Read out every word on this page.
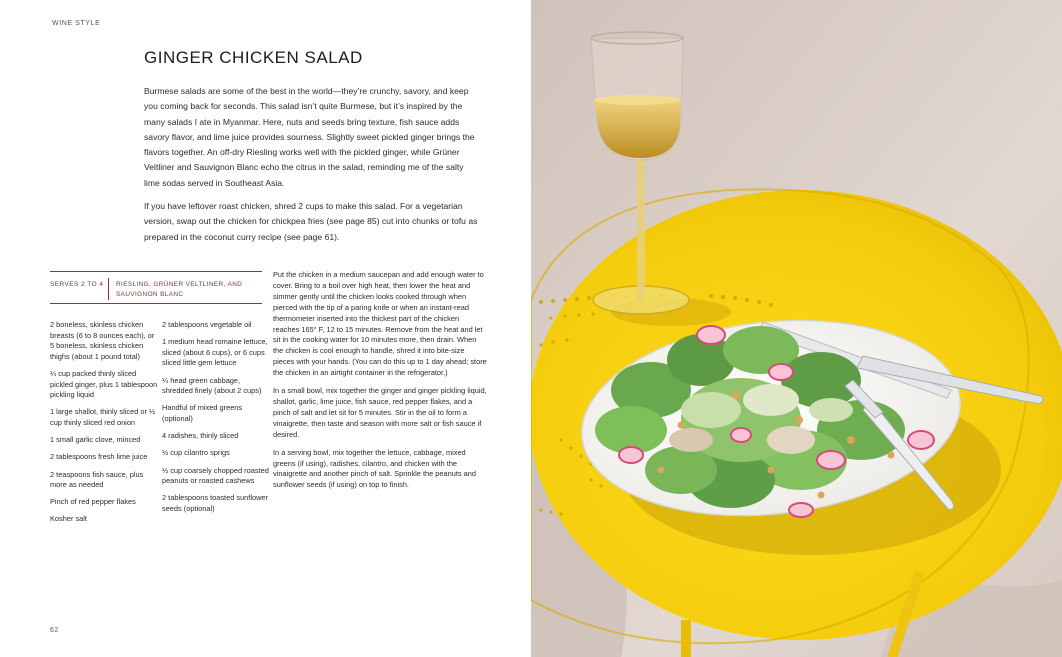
WINE STYLE
GINGER CHICKEN SALAD

Burmese salads are some of the best in the world—they’re crunchy, savory, and keep you coming back for seconds. This salad isn’t quite Burmese, but it’s inspired by the many salads I ate in Myanmar. Here, nuts and seeds bring texture, fish sauce adds savory flavor, and lime juice provides sourness. Slightly sweet pickled ginger brings the flavors together. An off-dry Riesling works well with the pickled ginger, while Grüner Veltliner and Sauvignon Blanc echo the citrus in the salad, reminding me of the salty lime sodas served in Southeast Asia.

If you have leftover roast chicken, shred 2 cups to make this salad. For a vegetarian version, swap out the chicken for chickpea fries (see page 85) cut into chunks or tofu as prepared in the coconut curry recipe (see page 61).

SERVES 2 TO 4 RIESLING, GRÜNER VELTLINER, AND SAUVIGNON BLANC
2 boneless, skinless chicken breasts (6 to 8 ounces each), or 5 boneless, skinless chicken thighs (about 1 pound total)
¼ cup packed thinly sliced pickled ginger, plus 1 tablespoon pickling liquid
1 large shallot, thinly sliced or ½ cup thinly sliced red onion
1 small garlic clove, minced
2 tablespoons fresh lime juice
2 teaspoons fish sauce, plus more as needed
Pinch of red pepper flakes
Kosher salt
2 tablespoons vegetable oil
1 medium head romaine lettuce, sliced (about 6 cups), or 6 cups sliced little gem lettuce
¼ head green cabbage, shredded finely (about 2 cups)
Handful of mixed greens (optional)
4 radishes, thinly sliced
½ cup cilantro sprigs
½ cup coarsely chopped roasted peanuts or roasted cashews
2 tablespoons toasted sunflower seeds (optional)

Put the chicken in a medium saucepan and add enough water to cover. Bring to a boil over high heat, then lower the heat and simmer gently until the chicken looks cooked through when pierced with the tip of a paring knife or when an instant-read thermometer inserted into the thickest part of the chicken reaches 165° F, 12 to 15 minutes. Remove from the heat and let sit in the cooking water for 10 minutes more, then drain. When the chicken is cool enough to handle, shred it into bite-size pieces with your hands. (You can do this up to 1 day ahead; store the chicken in an airtight container in the refrigerator.)

In a small bowl, mix together the ginger and ginger pickling liquid, shallot, garlic, lime juice, fish sauce, red pepper flakes, and a pinch of salt and let sit for 5 minutes. Stir in the oil to form a vinaigrette, then taste and season with more salt or fish sauce if desired.

In a serving bowl, mix together the lettuce, cabbage, mixed greens (if using), radishes, cilantro, and chicken with the vinaigrette and another pinch of salt. Sprinkle the peanuts and sunflower seeds (if using) on top to finish.

62
